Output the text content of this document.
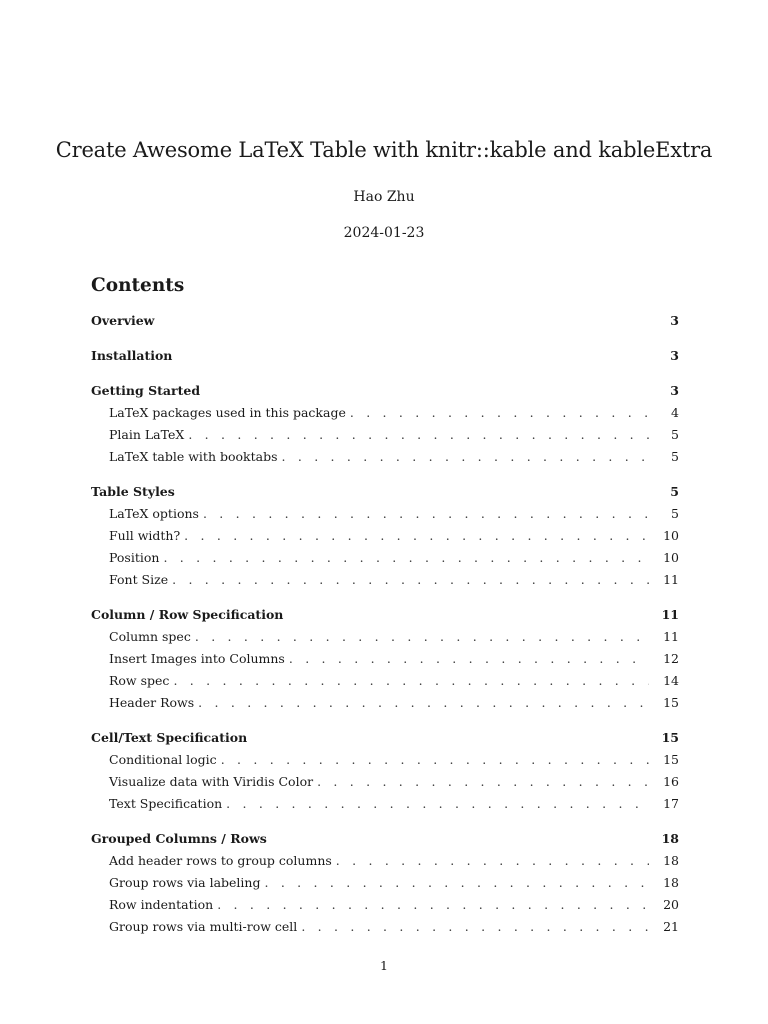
Create Awesome LaTeX Table with knitr::kable and kableExtra
Hao Zhu
2024-01-23
Contents
Overview	3
Installation	3
Getting Started	3
LaTeX packages used in this package . . .	4
Plain LaTeX . . .	5
LaTeX table with booktabs . . .	5
Table Styles	5
LaTeX options . . .	5
Full width? . . .	10
Position . . .	10
Font Size . . .	11
Column / Row Specification	11
Column spec . . .	11
Insert Images into Columns . . .	12
Row spec . . .	14
Header Rows . . .	15
Cell/Text Specification	15
Conditional logic . . .	15
Visualize data with Viridis Color . . .	16
Text Specification . . .	17
Grouped Columns / Rows	18
Add header rows to group columns . . .	18
Group rows via labeling . . .	18
Row indentation . . .	20
Group rows via multi-row cell . . .	21
1
